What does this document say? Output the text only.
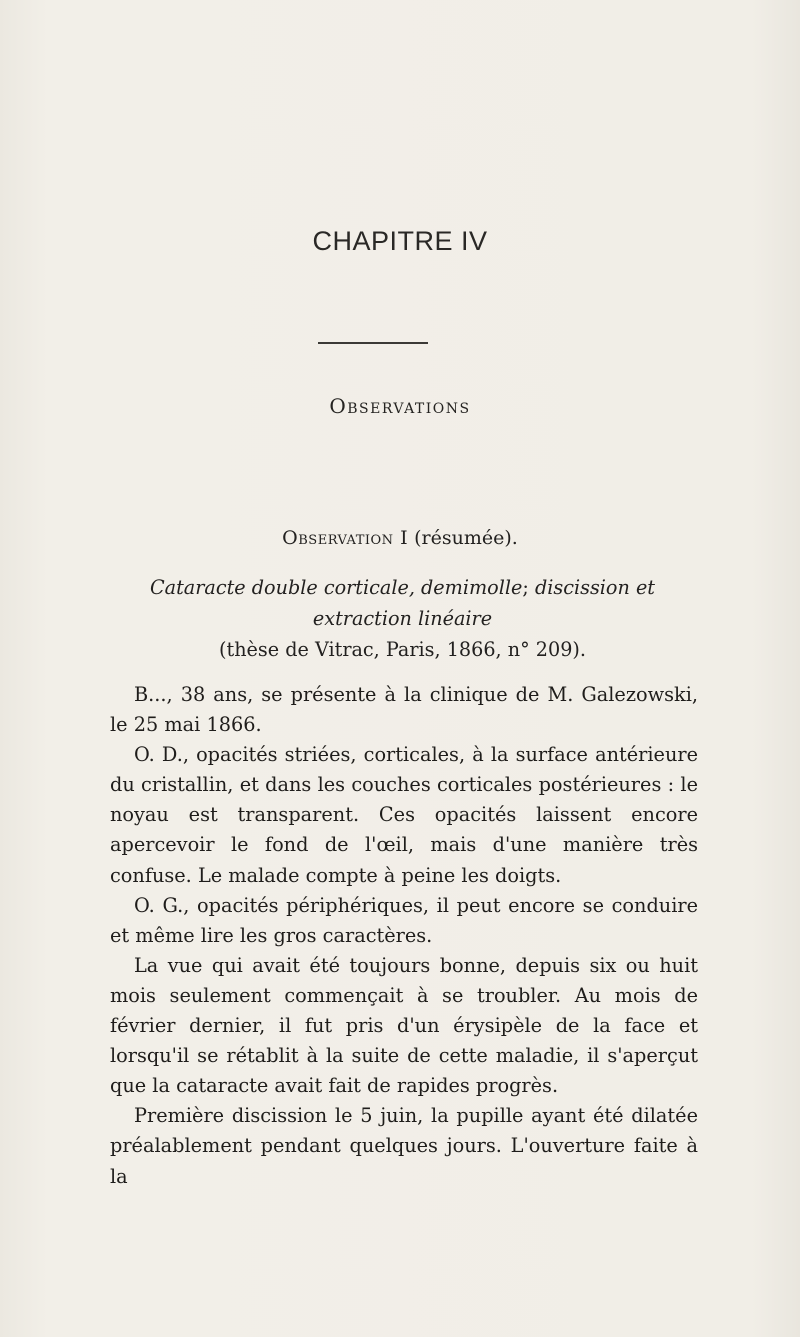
CHAPITRE IV
Observations
Observation I (résumée).
Cataracte double corticale, demimolle; discission et extraction linéaire
(thèse de Vitrac, Paris, 1866, n° 209).

B..., 38 ans, se présente à la clinique de M. Galezowski, le 25 mai 1866.

O. D., opacités striées, corticales, à la surface antérieure du cristallin, et dans les couches corticales postérieures : le noyau est transparent. Ces opacités laissent encore apercevoir le fond de l'œil, mais d'une manière très confuse. Le malade compte à peine les doigts.

O. G., opacités périphériques, il peut encore se conduire et même lire les gros caractères.

La vue qui avait été toujours bonne, depuis six ou huit mois seulement commençait à se troubler. Au mois de février dernier, il fut pris d'un érysipèle de la face et lorsqu'il se rétablit à la suite de cette maladie, il s'aperçut que la cataracte avait fait de rapides progrès.

Première discission le 5 juin, la pupille ayant été dilatée préalablement pendant quelques jours. L'ouverture faite à la
